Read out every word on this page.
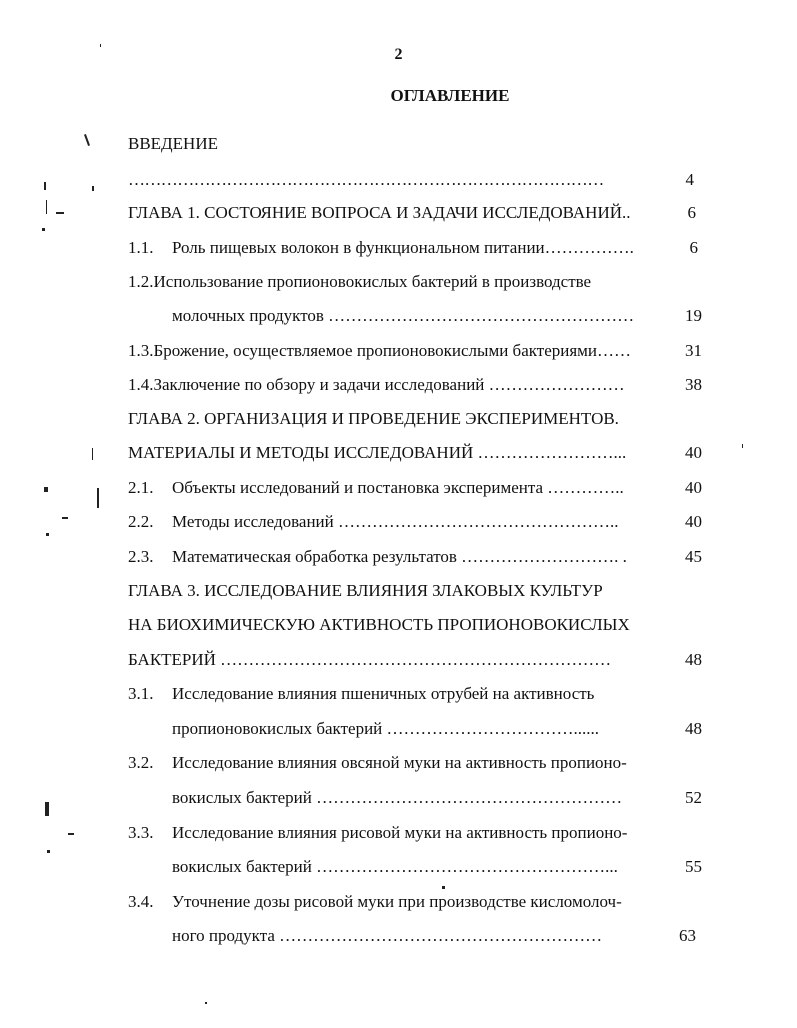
2
ОГЛАВЛЕНИЕ
ВВЕДЕНИЕ
……………………………………………………………………………	4
ГЛАВА 1. СОСТОЯНИЕ ВОПРОСА И ЗАДАЧИ ИССЛЕДОВАНИЙ..	6
1.1. Роль пищевых волокон в функциональном питании…………….	6
1.2.Использование пропионовокислых бактерий в производстве
молочных продуктов ………………………………………………	19
1.3.Брожение, осуществляемое пропионовокислыми бактериями……	31
1.4.Заключение по обзору и задачи исследований ……………………	38
ГЛАВА 2. ОРГАНИЗАЦИЯ И ПРОВЕДЕНИЕ ЭКСПЕРИМЕНТОВ.
МАТЕРИАЛЫ И МЕТОДЫ ИССЛЕДОВАНИЙ ……………………...	40
2.1. Объекты исследований и постановка эксперимента …………..	40
2.2. Методы исследований …………………………………………..	40
2.3. Математическая обработка результатов ………………………. .	45
ГЛАВА 3. ИССЛЕДОВАНИЕ ВЛИЯНИЯ ЗЛАКОВЫХ КУЛЬТУР
НА БИОХИМИЧЕСКУЮ АКТИВНОСТЬ ПРОПИОНОВОКИСЛЫХ
БАКТЕРИЙ ……………………………………………………………	48
3.1. Исследование влияния пшеничных отрубей на активность
пропионовокислых бактерий ……………………………......	48
3.2. Исследование влияния овсяной муки на активность пропионо-
вокислых бактерий ………………………………………………	52
3.3. Исследование влияния рисовой муки на активность пропионо-
вокислых бактерий ……………………………………………...	55
3.4. Уточнение дозы рисовой муки при производстве кисломолоч-
ного продукта …………………………………………………	63
